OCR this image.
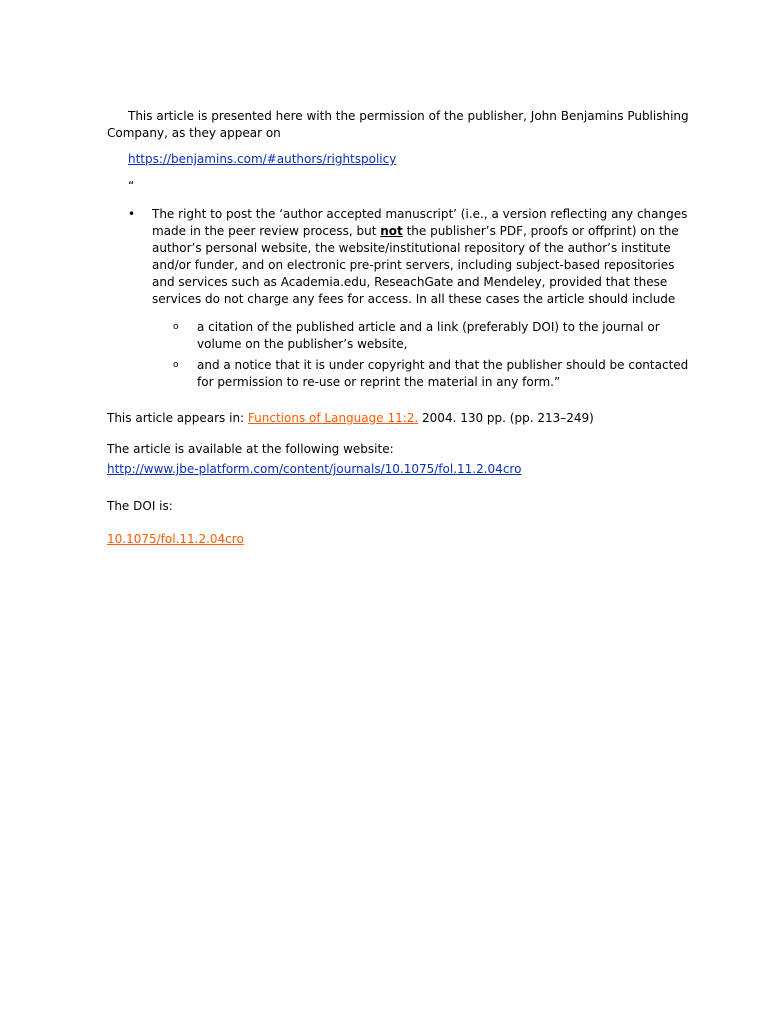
This article is presented here with the permission of the publisher, John Benjamins Publishing
Company, as they appear on
https://benjamins.com/#authors/rightspolicy
“
• The right to post the ‘author accepted manuscript’ (i.e., a version reflecting any changes
made in the peer review process, but not the publisher’s PDF, proofs or offprint) on the
author’s personal website, the website/institutional repository of the author’s institute
and/or funder, and on electronic pre-print servers, including subject-based repositories
and services such as Academia.edu, ReseachGate and Mendeley, provided that these
services do not charge any fees for access. In all these cases the article should include
o a citation of the published article and a link (preferably DOI) to the journal or
volume on the publisher’s website,
o and a notice that it is under copyright and that the publisher should be contacted
for permission to re-use or reprint the material in any form.”
This article appears in: Functions of Language 11:2. 2004. 130 pp. (pp. 213–249)
The article is available at the following website:
http://www.jbe-platform.com/content/journals/10.1075/fol.11.2.04cro
The DOI is:
10.1075/fol.11.2.04cro
